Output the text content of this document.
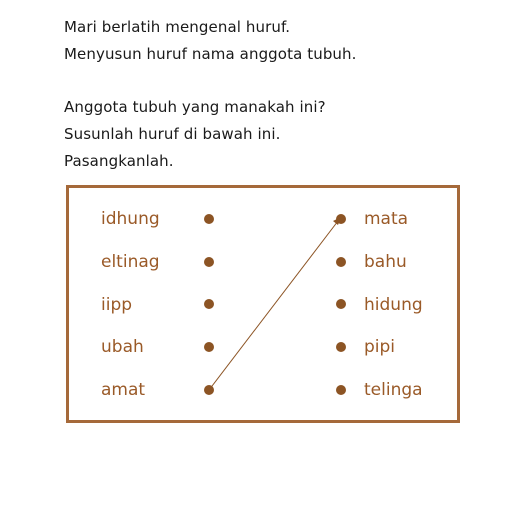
Mari berlatih mengenal huruf.
Menyusun huruf nama anggota tubuh.
Anggota tubuh yang manakah ini?
Susunlah huruf di bawah ini.
Pasangkanlah.
idhung
eltinag
iipp
ubah
amat
mata
bahu
hidung
pipi
telinga
